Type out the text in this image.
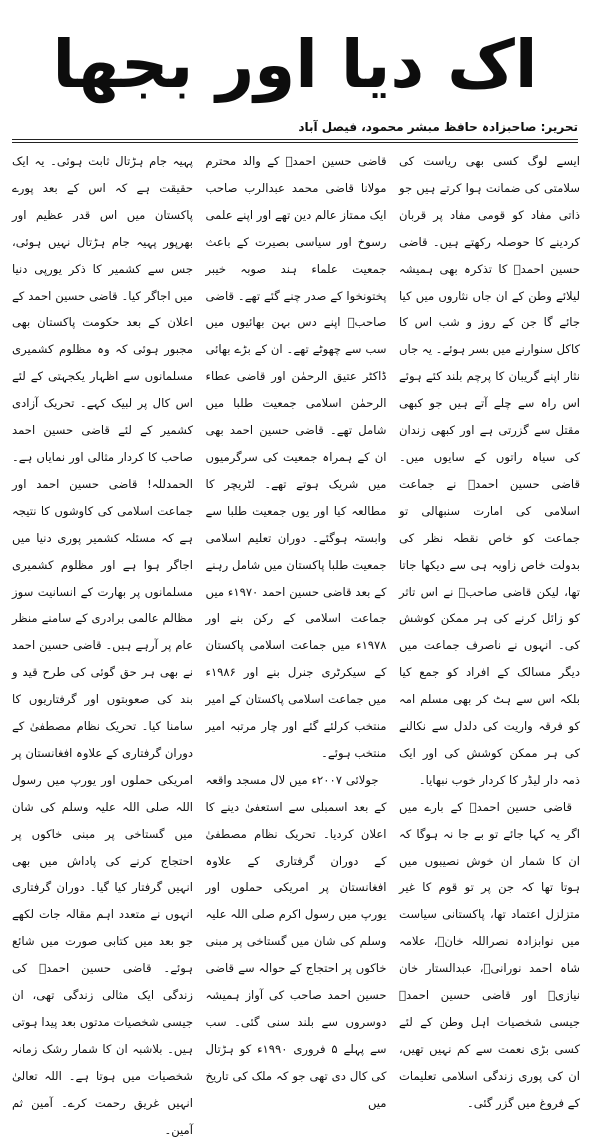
اک دیا اور بجھا
تحریر: صاحبزادہ حافظ مبشر محمود، فیصل آباد

ایسے لوگ کسی بھی ریاست کی سلامتی کی ضمانت ہوا کرتے ہیں جو ذاتی مفاد کو قومی مفاد پر قربان کردینے کا حوصلہ رکھتے ہیں۔ قاضی حسین احمدؒ کا تذکرہ بھی ہمیشہ لیلائے وطن کے ان جاں نثاروں میں کیا جائے گا جن کے روز و شب اس کا کاکل سنوارنے میں بسر ہوئے۔ یہ جاں نثار اپنے گریبان کا پرچم بلند کئے ہوئے اس راہ سے چلے آتے ہیں جو کبھی مقتل سے گزرتی ہے اور کبھی زندان کی سیاہ راتوں کے سایوں میں۔ قاضی حسین احمدؒ نے جماعت اسلامی کی امارت سنبھالی تو جماعت کو خاص نقطہ نظر کی بدولت خاص زاویہ ہی سے دیکھا جاتا تھا، لیکن قاضی صاحبؒ نے اس تاثر کو زائل کرنے کی ہر ممکن کوشش کی۔ انہوں نے ناصرف جماعت میں دیگر مسالک کے افراد کو جمع کیا بلکہ اس سے ہٹ کر بھی مسلم امہ کو فرقہ واریت کی دلدل سے نکالنے کی ہر ممکن کوشش کی اور ایک ذمہ دار لیڈر کا کردار خوب نبھایا۔

قاضی حسین احمدؒ کے بارے میں اگر یہ کہا جائے تو بے جا نہ ہوگا کہ ان کا شمار ان خوش نصیبوں میں ہوتا تھا کہ جن پر تو قوم کا غیر متزلزل اعتماد تھا، پاکستانی سیاست میں نوابزادہ نصراللہ خانؒ، علامہ شاہ احمد نورانیؒ، عبدالستار خان نیازیؒ اور قاضی حسین احمدؒ جیسی شخصیات اہل وطن کے لئے کسی بڑی نعمت سے کم نہیں تھیں، ان کی پوری زندگی اسلامی تعلیمات کے فروغ میں گزر گئی۔

قاضی حسین احمدؒ کے والد محترم مولانا قاضی محمد عبدالرب صاحب ایک ممتاز عالم دین تھے اور اپنے علمی رسوخ اور سیاسی بصیرت کے باعث جمعیت علماء ہند صوبہ خیبر پختونخوا کے صدر چنے گئے تھے۔ قاضی صاحبؒ اپنے دس بہن بھائیوں میں سب سے چھوٹے تھے۔ ان کے بڑے بھائی ڈاکٹر عتیق الرحمٰن اور قاضی عطاء الرحمٰن اسلامی جمعیت طلبا میں شامل تھے۔ قاضی حسین احمد بھی ان کے ہمراہ جمعیت کی سرگرمیوں میں شریک ہوتے تھے۔ لٹریچر کا مطالعہ کیا اور یوں جمعیت طلبا سے وابستہ ہوگئے۔ دوران تعلیم اسلامی جمعیت طلبا پاکستان میں شامل رہنے کے بعد قاضی حسین احمد ۱۹۷۰ء میں جماعت اسلامی کے رکن بنے اور ۱۹۷۸ء میں جماعت اسلامی پاکستان کے سیکرٹری جنرل بنے اور ۱۹۸۶ء میں جماعت اسلامی پاکستان کے امیر منتخب کرلئے گئے اور چار مرتبہ امیر منتخب ہوئے۔

جولائی ۲۰۰۷ء میں لال مسجد واقعہ کے بعد اسمبلی سے استعفیٰ دینے کا اعلان کردیا۔ تحریک نظام مصطفیٰ کے دوران گرفتاری کے علاوہ افغانستان پر امریکی حملوں اور یورپ میں رسول اکرم صلی اللہ علیہ وسلم کی شان میں گستاخی پر مبنی خاکوں پر احتجاج کے حوالہ سے قاضی حسین احمد صاحب کی آواز ہمیشہ دوسروں سے بلند سنی گئی۔ سب سے پہلے ۵ فروری ۱۹۹۰ء کو ہڑتال کی کال دی تھی جو کہ ملک کی تاریخ میں

پہیہ جام ہڑتال ثابت ہوئی۔ یہ ایک حقیقت ہے کہ اس کے بعد پورے پاکستان میں اس قدر عظیم اور بھرپور پہیہ جام ہڑتال نہیں ہوئی، جس سے کشمیر کا ذکر یورپی دنیا میں اجاگر کیا۔ قاضی حسین احمد کے اعلان کے بعد حکومت پاکستان بھی مجبور ہوئی کہ وہ مظلوم کشمیری مسلمانوں سے اظہار یکجہتی کے لئے اس کال پر لبیک کہے۔ تحریک آزادی کشمیر کے لئے قاضی حسین احمد صاحب کا کردار مثالی اور نمایاں ہے۔ الحمدللہ! قاضی حسین احمد اور جماعت اسلامی کی کاوشوں کا نتیجہ ہے کہ مسئلہ کشمیر پوری دنیا میں اجاگر ہوا ہے اور مظلوم کشمیری مسلمانوں پر بھارت کے انسانیت سوز مظالم عالمی برادری کے سامنے منظر عام پر آرہے ہیں۔ قاضی حسین احمد نے بھی ہر حق گوئی کی طرح قید و بند کی صعوبتوں اور گرفتاریوں کا سامنا کیا۔ تحریک نظام مصطفیٰ کے دوران گرفتاری کے علاوہ افغانستان پر امریکی حملوں اور یورپ میں رسول اللہ صلی اللہ علیہ وسلم کی شان میں گستاخی پر مبنی خاکوں پر احتجاج کرنے کی پاداش میں بھی انہیں گرفتار کیا گیا۔ دوران گرفتاری انہوں نے متعدد اہم مقالہ جات لکھے جو بعد میں کتابی صورت میں شائع ہوئے۔ قاضی حسین احمدؒ کی زندگی ایک مثالی زندگی تھی، ان جیسی شخصیات مدتوں بعد پیدا ہوتی ہیں۔ بلاشبہ ان کا شمار رشک زمانہ شخصیات میں ہوتا ہے۔ اللہ تعالیٰ انہیں غریق رحمت کرے۔ آمین ثم آمین۔
